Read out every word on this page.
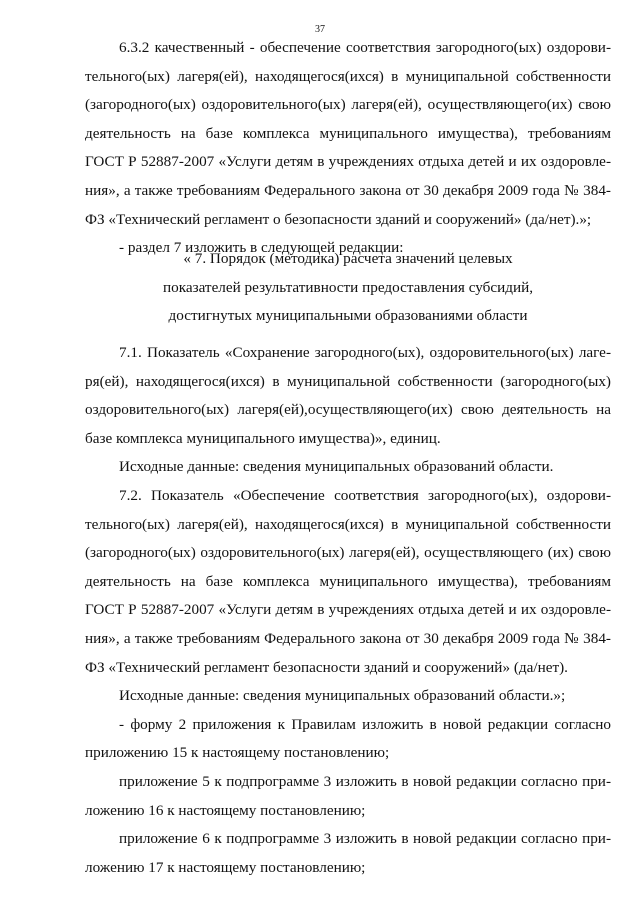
37

6.3.2 качественный - обеспечение соответствия загородного(ых) оздоровительного(ых) лагеря(ей), находящегося(ихся) в муниципальной собственности (загородного(ых) оздоровительного(ых) лагеря(ей), осуществляющего(их) свою деятельность на базе комплекса муниципального имущества), требованиям ГОСТ Р 52887-2007 «Услуги детям в учреждениях отдыха детей и их оздоровления», а также требованиям Федерального закона от 30 декабря 2009 года № 384-ФЗ «Технический регламент о безопасности зданий и сооружений» (да/нет).»;

- раздел 7 изложить в следующей редакции:

« 7. Порядок (методика) расчета значений целевых
показателей результативности предоставления субсидий,
достигнутых муниципальными образованиями области

7.1. Показатель «Сохранение загородного(ых), оздоровительного(ых) лагеря(ей), находящегося(ихся) в муниципальной собственности (загородного(ых) оздоровительного(ых) лагеря(ей),осуществляющего(их) свою деятельность на базе комплекса муниципального имущества)», единиц.

Исходные данные: сведения муниципальных образований области.

7.2. Показатель «Обеспечение соответствия загородного(ых), оздоровительного(ых) лагеря(ей), находящегося(ихся) в муниципальной собственности (загородного(ых) оздоровительного(ых) лагеря(ей), осуществляющего (их) свою деятельность на базе комплекса муниципального имущества), требованиям ГОСТ Р 52887-2007 «Услуги детям в учреждениях отдыха детей и их оздоровления», а также требованиям Федерального закона от 30 декабря 2009 года № 384-ФЗ «Технический регламент безопасности зданий и сооружений» (да/нет).

Исходные данные: сведения муниципальных образований области.»;

- форму 2 приложения к Правилам изложить в новой редакции согласно приложению 15 к настоящему постановлению;

приложение 5 к подпрограмме 3 изложить в новой редакции согласно приложению 16 к настоящему постановлению;

приложение 6 к подпрограмме 3 изложить в новой редакции согласно приложению 17 к настоящему постановлению;
